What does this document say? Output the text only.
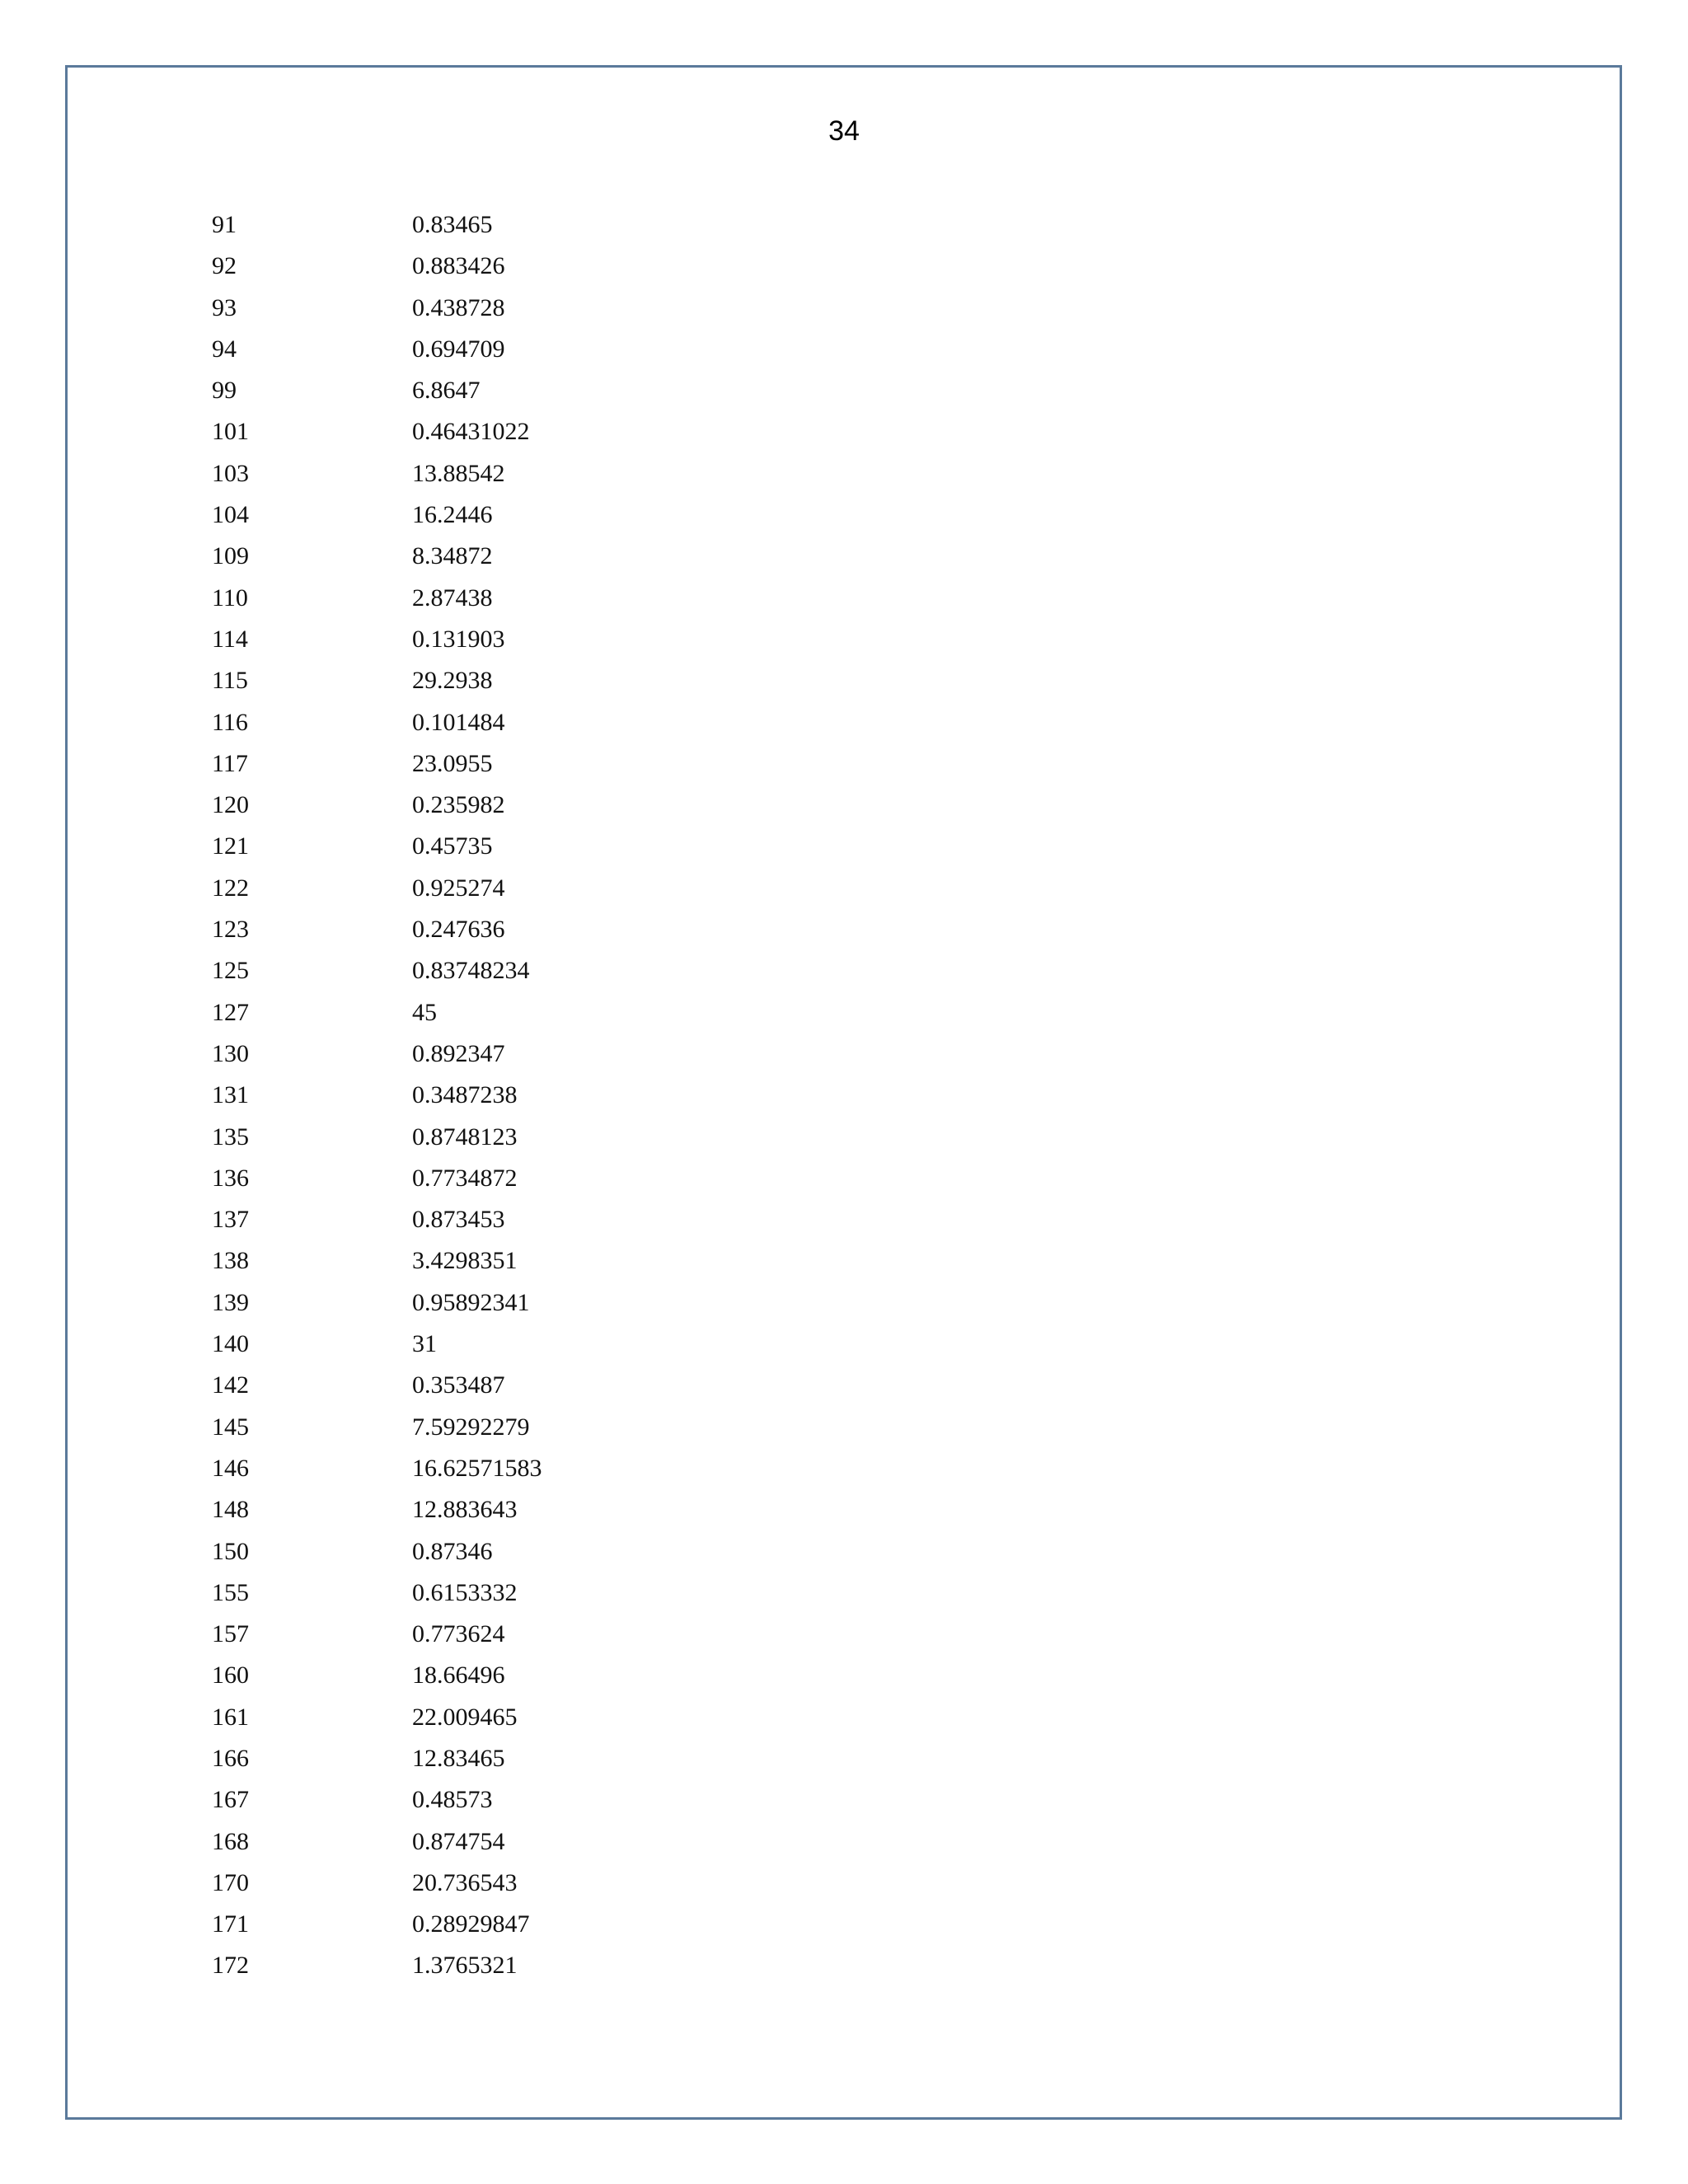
34
91	0.83465
92	0.883426
93	0.438728
94	0.694709
99	6.8647
101	0.46431022
103	13.88542
104	16.2446
109	8.34872
110	2.87438
114	0.131903
115	29.2938
116	0.101484
117	23.0955
120	0.235982
121	0.45735
122	0.925274
123	0.247636
125	0.83748234
127	45
130	0.892347
131	0.3487238
135	0.8748123
136	0.7734872
137	0.873453
138	3.4298351
139	0.95892341
140	31
142	0.353487
145	7.59292279
146	16.62571583
148	12.883643
150	0.87346
155	0.6153332
157	0.773624
160	18.66496
161	22.009465
166	12.83465
167	0.48573
168	0.874754
170	20.736543
171	0.28929847
172	1.3765321
